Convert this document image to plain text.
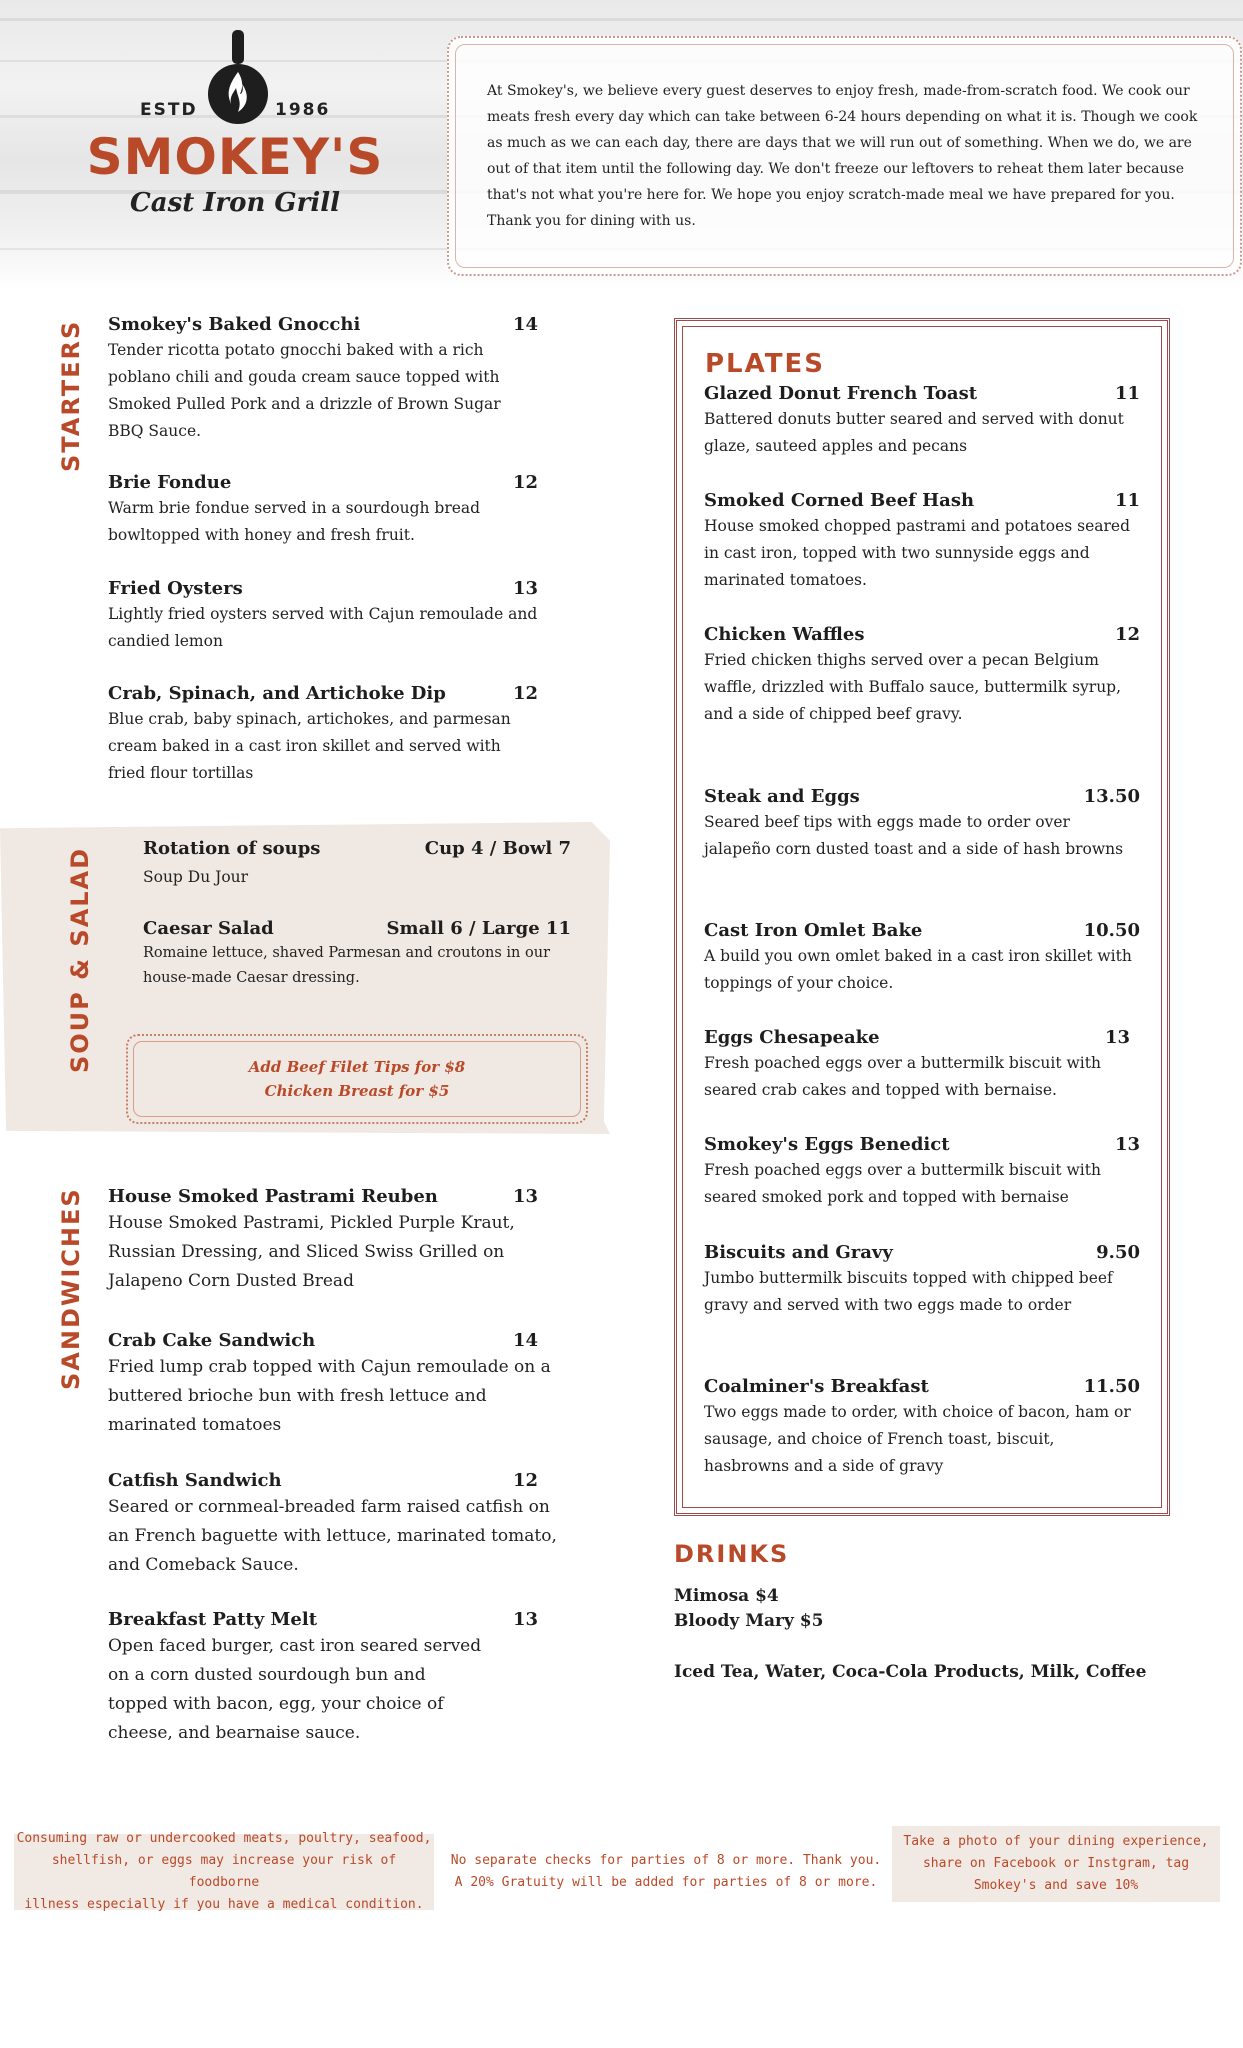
ESTD	1986
SMOKEY'S
Cast Iron Grill

At Smokey's, we believe every guest deserves to enjoy fresh, made-from-scratch food. We cook our meats fresh every day which can take between 6-24 hours depending on what it is. Though we cook as much as we can each day, there are days that we will run out of something. When we do, we are out of that item until the following day. We don't freeze our leftovers to reheat them later because that's not what you're here for. We hope you enjoy scratch-made meal we have prepared for you. Thank you for dining with us.

STARTERS Smokey's Baked Gnocchi	14
Tender ricotta potato gnocchi baked with a rich poblano chili and gouda cream sauce topped with Smoked Pulled Pork and a drizzle of Brown Sugar BBQ Sauce.
Brie Fondue	12
Warm brie fondue served in a sourdough bread bowltopped with honey and fresh fruit.
Fried Oysters	13
Lightly fried oysters served with Cajun remoulade and candied lemon
Crab, Spinach, and Artichoke Dip	12
Blue crab, baby spinach, artichokes, and parmesan cream baked in a cast iron skillet and served with fried flour tortillas
SOUP & SALAD	Rotation of soups	Cup 4 / Bowl 7
Soup Du Jour
Caesar Salad	Small 6 / Large 11
Romaine lettuce, shaved Parmesan and croutons in our house-made Caesar dressing.
Add Beef Filet Tips for $8
Chicken Breast for $5
SANDWICHES House Smoked Pastrami Reuben	13
House Smoked Pastrami, Pickled Purple Kraut, Russian Dressing, and Sliced Swiss Grilled on Jalapeno Corn Dusted Bread
Crab Cake Sandwich	14
Fried lump crab topped with Cajun remoulade on a buttered brioche bun with fresh lettuce and marinated tomatoes
Catfish Sandwich	12
Seared or cornmeal-breaded farm raised catfish on an French baguette with lettuce, marinated tomato, and Comeback Sauce.
Breakfast Patty Melt	13
Open faced burger, cast iron seared served on a corn dusted sourdough bun and topped with bacon, egg, your choice of cheese, and bearnaise sauce.
PLATES
Glazed Donut French Toast	11
Battered donuts butter seared and served with donut glaze, sauteed apples and pecans
Smoked Corned Beef Hash	11
House smoked chopped pastrami and potatoes seared in cast iron, topped with two sunnyside eggs and marinated tomatoes.
Chicken Waffles	12
Fried chicken thighs served over a pecan Belgium waffle, drizzled with Buffalo sauce, buttermilk syrup, and a side of chipped beef gravy.
Steak and Eggs	13.50
Seared beef tips with eggs made to order over jalapeño corn dusted toast and a side of hash browns
Cast Iron Omlet Bake	10.50
A build you own omlet baked in a cast iron skillet with toppings of your choice.
Eggs Chesapeake	13
Fresh poached eggs over a buttermilk biscuit with seared crab cakes and topped with bernaise.
Smokey's Eggs Benedict	13
Fresh poached eggs over a buttermilk biscuit with seared smoked pork and topped with bernaise
Biscuits and Gravy	9.50
Jumbo buttermilk biscuits topped with chipped beef gravy and served with two eggs made to order
Coalminer's Breakfast	11.50
Two eggs made to order, with choice of bacon, ham or sausage, and choice of French toast, biscuit, hasbrowns and a side of gravy
DRINKS
Mimosa $4
Bloody Mary $5
Iced Tea, Water, Coca-Cola Products, Milk, Coffee
Consuming raw or undercooked meats, poultry, seafood,
shellfish, or eggs may increase your risk of foodborne
illness especially if you have a medical condition.
No separate checks for parties of 8 or more. Thank you.
A 20% Gratuity will be added for parties of 8 or more.
Take a photo of your dining experience,
share on Facebook or Instgram, tag
Smokey's and save 10%
